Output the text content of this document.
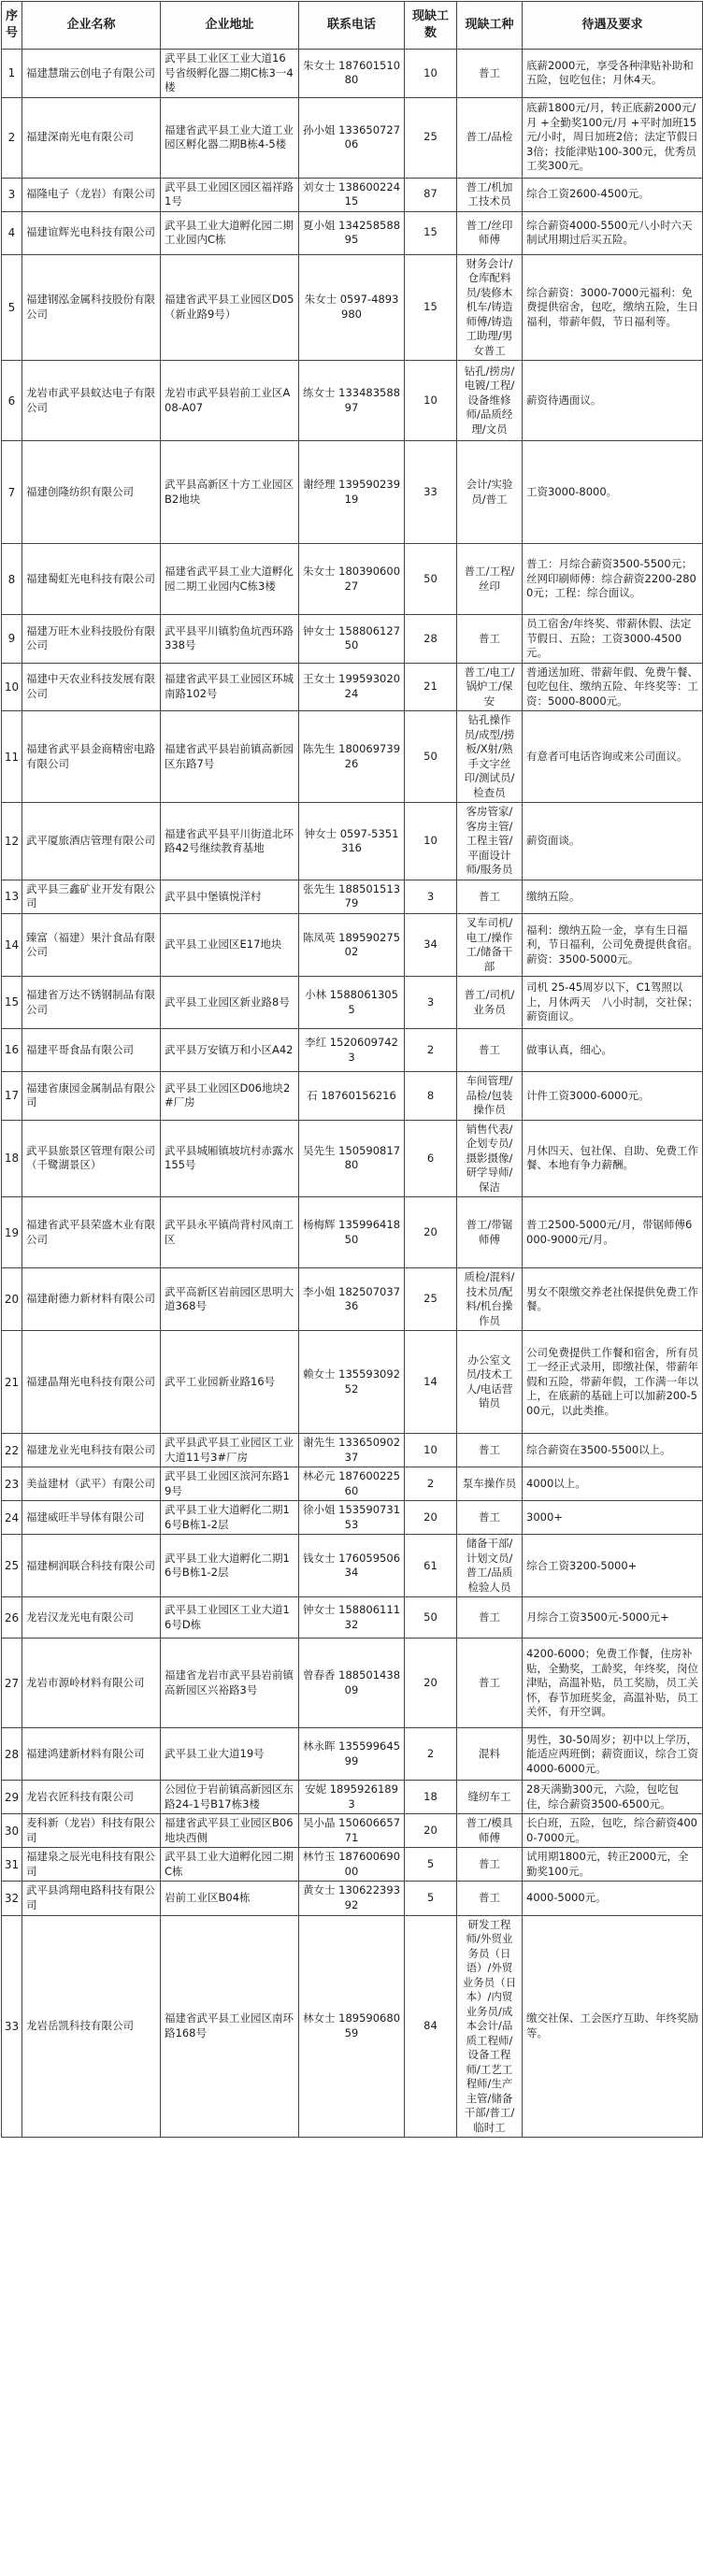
序号	企业名称	企业地址	联系电话	现缺工数	现缺工种	待遇及要求
1	福建慧瑞云创电子有限公司	武平县工业区工业大道16号省级孵化器二期C栋3一4楼	朱女士 18760151080	10	普工	底薪2000元，享受各种津贴补助和五险，包吃包住；月休4天。
2	福建深南光电有限公司	福建省武平县工业大道工业园区孵化器二期B栋4-5楼	孙小姐 13365072706	25	普工/品检	底薪1800元/月，转正底薪2000元/月 +全勤奖100元/月 +平时加班15元/小时，周日加班2倍；法定节假日3倍；技能津贴100-300元，优秀员工奖300元。
3	福隆电子（龙岩）有限公司	武平县工业园区园区福祥路1号	刘女士 13860022415	87	普工/机加工技术员	综合工资2600-4500元。
4	福建谊辉光电科技有限公司	武平县工业大道孵化园二期工业园内C栋	夏小姐 13425858895	15	普工/丝印师傅	综合薪资4000-5500元八小时六天制试用期过后买五险。
5	福建钢泓金属科技股份有限公司	福建省武平县工业园区D05（新业路9号）	朱女士 0597-4893980	15	财务会计/仓库配料员/装修木机车/铸造师傅/铸造工助理/男女普工	综合薪资：3000-7000元福利：免费提供宿舍，包吃，缴纳五险，生日福利，带薪年假，节日福利等。
6	龙岩市武平县蚊达电子有限公司	龙岩市武平县岩前工业区A08-A07	练女士 13348358897	10	钻孔/捞房/电镀/工程/设备维修师/品质经理/文员	薪资待遇面议。
7	福建创隆纺织有限公司	武平县高新区十方工业园区B2地块	谢经理 13959023919	33	会计/实验员/普工	工资3000-8000。
8	福建蜀虹光电科技有限公司	福建省武平县工业大道孵化园二期工业园内C栋3楼	朱女士 18039060027	50	普工/工程/丝印	普工：月综合薪资3500-5500元；丝网印刷师傅：综合薪资2200-2800元；工程：综合面议。
9	福建万旺木业科技股份有限公司	武平县平川镇豹鱼坑西环路338号	钟女士 15880612750	28	普工	员工宿舍/年终奖、带薪休假、法定节假日、五险；工资3000-4500元。
10	福建中天农业科技发展有限公司	福建省武平县工业园区环城南路102号	王女士 19959302024	21	普工/电工/锅炉工/保安	普通送加班、带薪年假、免费午餐、包吃包住、缴纳五险、年终奖等：工资：5000-8000元。
11	福建省武平县金商精密电路有限公司	福建省武平县岩前镇高新园区东路7号	陈先生 18006973926	50	钻孔操作员/成型/捞板/X射/熟手文字丝印/测试员/检查员	有意者可电话咨询或来公司面议。
12	武平厦旅酒店管理有限公司	福建省武平县平川街道北环路42号继续教育基地	钟女士 0597-5351316	10	客房管家/客房主管/工程主管/平面设计师/服务员	薪资面谈。
13	武平县三鑫矿业开发有限公司	武平县中堡镇悦洋村	张先生 18850151379	3	普工	缴纳五险。
14	臻富（福建）果汁食品有限公司	武平县工业园区E17地块	陈凤英 18959027502	34	叉车司机/电工/操作工/储备干部	福利：缴纳五险一金，享有生日福利，节日福利，公司免费提供食宿。薪资：3500-5000元。
15	福建省万达不锈钢制品有限公司	武平县工业园区新业路8号	小林 15880613055	3	普工/司机/业务员	司机 25-45周岁以下，C1驾照以上，月休两天　八小时制，交社保；薪资面议。
16	福建平哥食品有限公司	武平县万安镇万和小区A42	李红 15206097423	2	普工	做事认真，细心。
17	福建省康园金属制品有限公司	武平县工业园区D06地块2#厂房	石 18760156216	8	车间管理/品检/包装操作员	计件工资3000-6000元。
18	武平县旅景区管理有限公司（千鹭湖景区）	武平县城厢镇坡坑村赤露水155号	吴先生 15059081780	6	销售代表/企划专员/摄影摄像/研学导师/保洁	月休四天、包社保、自助、免费工作餐、本地有争力薪酬。
19	福建省武平县荣盛木业有限公司	武平县永平镇尚背村风南工区	杨梅辉 13599641850	20	普工/带锯师傅	普工2500-5000元/月，带锯师傅6000-9000元/月。
20	福建耐德力新材料有限公司	武平高新区岩前园区思明大道368号	李小姐 18250703736	25	质检/混料/技术员/配料/机台操作员	男女不限缴交养老社保提供免费工作餐。
21	福建晶翔光电科技有限公司	武平工业园新业路16号	赖女士 13559309252	14	办公室文员/技术工人/电话营销员	公司免费提供工作餐和宿舍，所有员工一经正式录用，即缴社保，带薪年假和五险，带薪年假，工作满一年以上，在底薪的基础上可以加薪200-500元，以此类推。
22	福建龙业光电科技有限公司	武平县武平县工业园区工业大道11号3#厂房	谢先生 13365090237	10	普工	综合薪资在3500-5500以上。
23	美益建材（武平）有限公司	武平县工业园区滨河东路19号	林必元 18760022560	2	泵车操作员	4000以上。
24	福建威旺半导体有限公司	武平县工业大道孵化二期16号B栋1-2层	徐小姐 15359073153	20	普工	3000+
25	福建桐润联合科技有限公司	武平县工业大道孵化二期16号B栋1-2层	钱女士 17605950634	61	储备干部/计划文员/普工/品质检验人员	综合工资3200-5000+
26	龙岩汉龙光电有限公司	武平县工业园区工业大道16号D栋	钟女士 15880611132	50	普工	月综合工资3500元-5000元+
27	龙岩市源岭材料有限公司	福建省龙岩市武平县岩前镇高新园区兴裕路3号	曾春香 18850143809	20	普工	4200-6000；免费工作餐，住房补贴，全勤奖，工龄奖，年终奖，岗位津贴，高温补贴，员工奖励，员工关怀，春节加班奖金，高温补贴，员工关怀，有开空调。
28	福建鸿建新材料有限公司	武平县工业大道19号	林永晖 13559964599	2	混料	男性，30-50周岁；初中以上学历，能适应两班倒；薪资面议，综合工资4000-6000元。
29	龙岩衣匠科技有限公司	公园位于岩前镇高新园区东路24-1号B17栋3楼	安妮 18959261893	18	缝纫车工	28天满勤300元，六险，包吃包住，综合薪资3500-6500元。
30	麦科新（龙岩）科技有限公司	福建省武平县工业园区B06地块西侧	吴小晶 15060665771	20	普工/模具师傅	长白班，五险，包吃，综合薪资4000-7000元。
31	福建泉之辰光电科技有限公司	武平县工业大道孵化园二期C栋	林竹玉 18760069000	5	普工	试用期1800元，转正2000元，全勤奖100元。
32	武平县鸿翔电路科技有限公司	岩前工业区B04栋	黄女士 13062239392	5	普工	4000-5000元。
33	龙岩岳凯科技有限公司	福建省武平县工业园区南环路168号	林女士 18959068059	84	研发工程师/外贸业务员（日语）/外贸业务员（日本）/内贸业务员/成本会计/品质工程师/设备工程师/工艺工程师/生产主管/储备干部/普工/临时工	缴交社保、工会医疗互助、年终奖励等。
